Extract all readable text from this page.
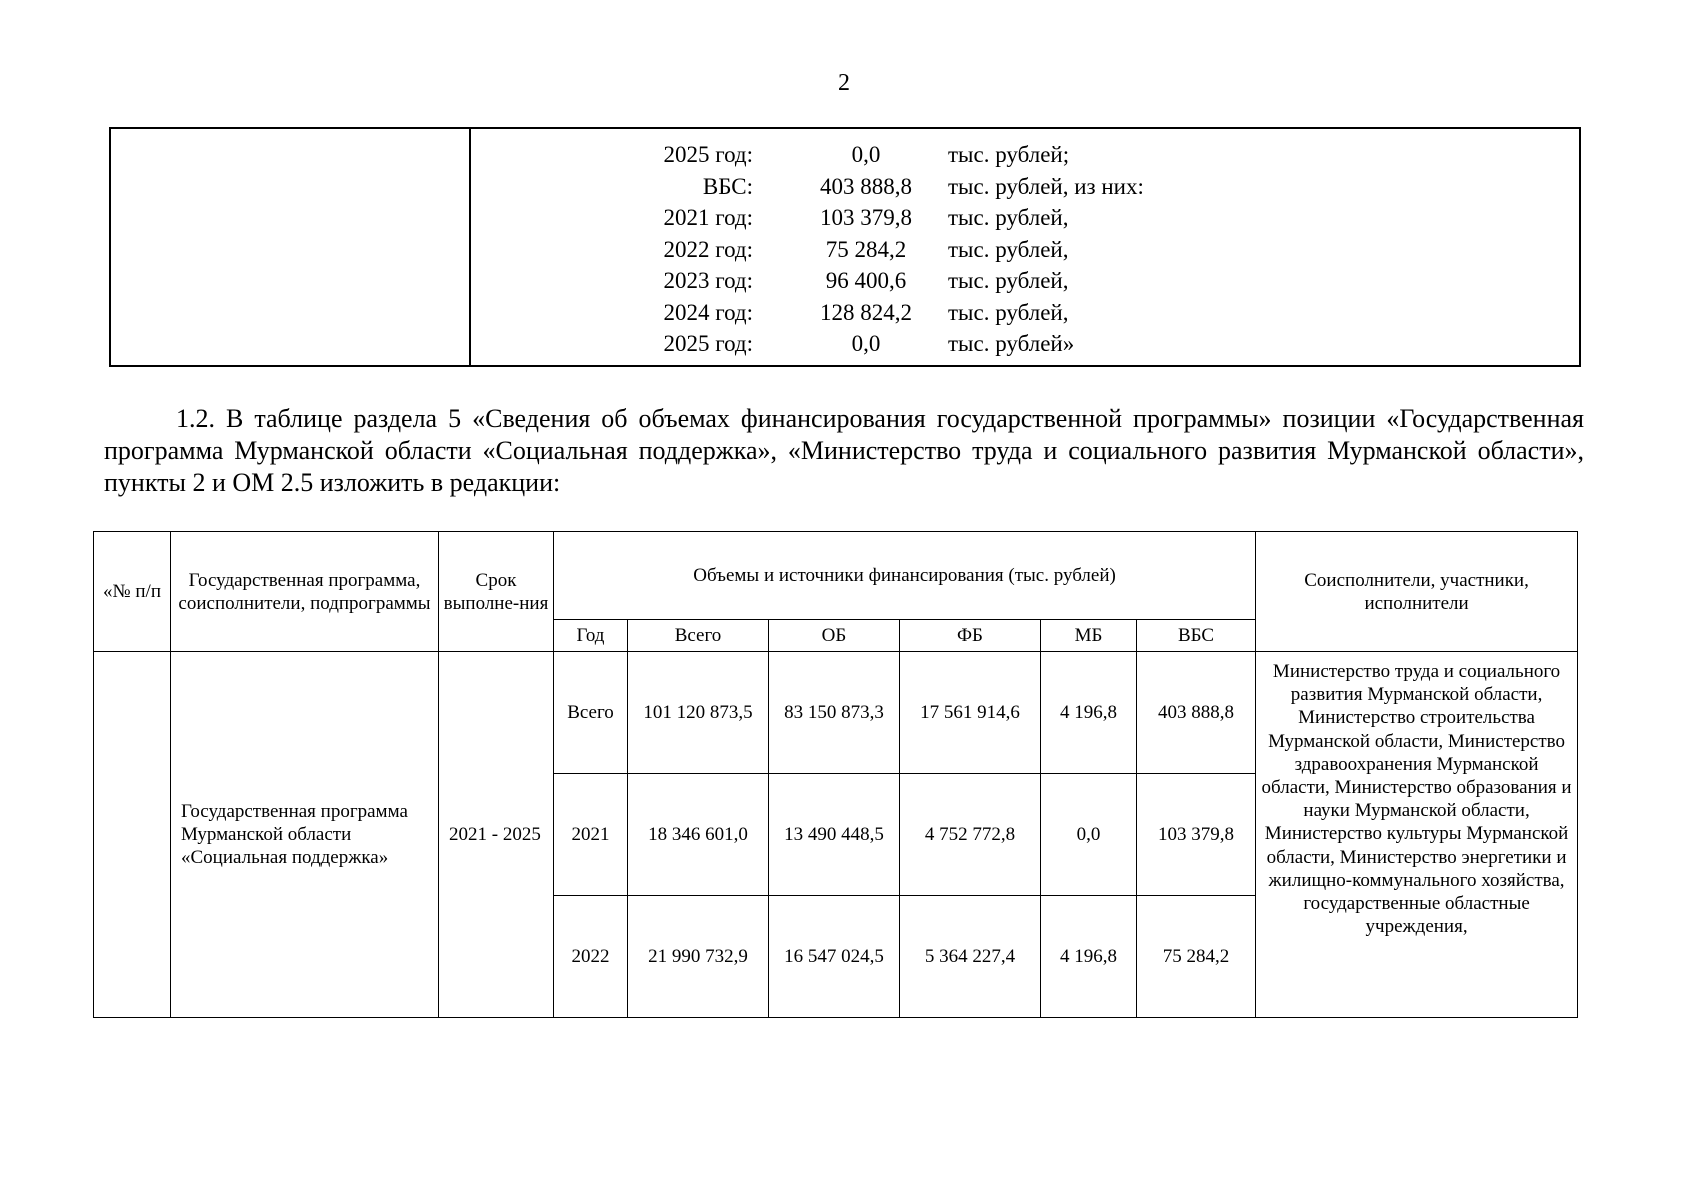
2
2025 год:	0,0	тыс. рублей;
ВБС:	403 888,8	тыс. рублей, из них:
2021 год:	103 379,8	тыс. рублей,
2022 год:	75 284,2	тыс. рублей,
2023 год:	96 400,6	тыс. рублей,
2024 год:	128 824,2	тыс. рублей,
2025 год:	0,0	тыс. рублей»
1.2. В таблице раздела 5 «Сведения об объемах финансирования государственной программы» позиции «Государственная программа Мурманской области «Социальная поддержка», «Министерство труда и социального развития Мурманской области», пункты 2 и ОМ 2.5 изложить в редакции:
«№ п/п	Государственная программа, соисполнители, подпрограммы	Срок выполне-ния	Объемы и источники финансирования (тыс. рублей)						Соисполнители, участники, исполнители
			Год	Всего	ОБ	ФБ	МБ	ВБС	
	Государственная программа Мурманской области «Социальная поддержка»	2021 - 2025	Всего	101 120 873,5	83 150 873,3	17 561 914,6	4 196,8	403 888,8	Министерство труда и социального развития Мурманской области, Министерство строительства Мурманской области, Министерство здравоохранения Мурманской области, Министерство образования и науки Мурманской области, Министерство культуры Мурманской области, Министерство энергетики и жилищно-коммунального хозяйства, государственные областные учреждения,
			2021	18 346 601,0	13 490 448,5	4 752 772,8	0,0	103 379,8	
			2022	21 990 732,9	16 547 024,5	5 364 227,4	4 196,8	75 284,2	
